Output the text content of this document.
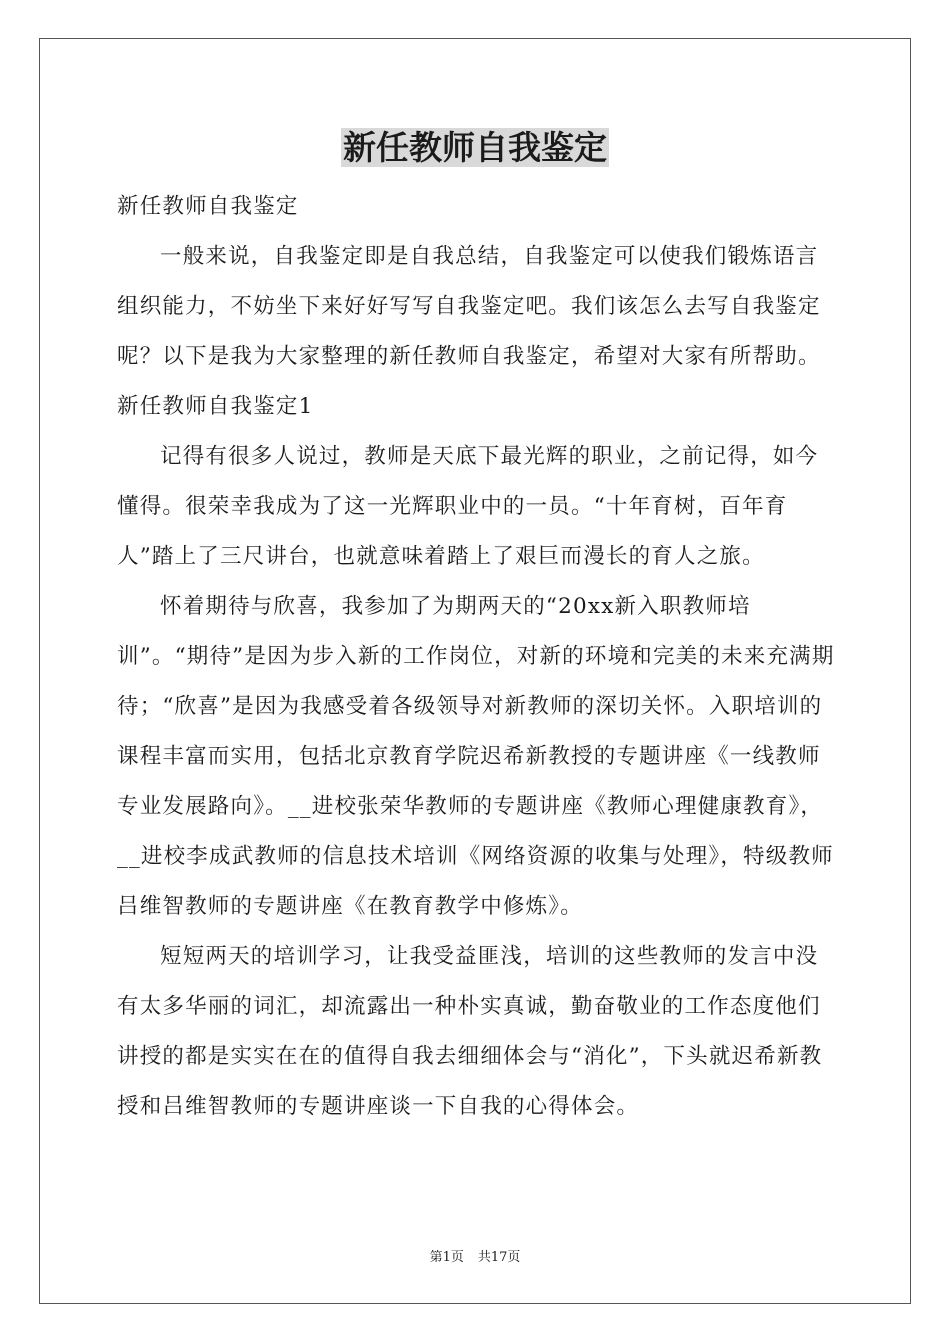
新任教师自我鉴定

新任教师自我鉴定

一般来说，自我鉴定即是自我总结，自我鉴定可以使我们锻炼语言组织能力，不妨坐下来好好写写自我鉴定吧。我们该怎么去写自我鉴定呢？以下是我为大家整理的新任教师自我鉴定，希望对大家有所帮助。

新任教师自我鉴定1

记得有很多人说过，教师是天底下最光辉的职业，之前记得，如今懂得。很荣幸我成为了这一光辉职业中的一员。“十年育树，百年育人”踏上了三尺讲台，也就意味着踏上了艰巨而漫长的育人之旅。

怀着期待与欣喜，我参加了为期两天的“20xx新入职教师培训”。“期待”是因为步入新的工作岗位，对新的环境和完美的未来充满期待；“欣喜”是因为我感受着各级领导对新教师的深切关怀。入职培训的课程丰富而实用，包括北京教育学院迟希新教授的专题讲座《一线教师专业发展路向》。__进校张荣华教师的专题讲座《教师心理健康教育》，__进校李成武教师的信息技术培训《网络资源的收集与处理》，特级教师吕维智教师的专题讲座《在教育教学中修炼》。

短短两天的培训学习，让我受益匪浅，培训的这些教师的发言中没有太多华丽的词汇，却流露出一种朴实真诚，勤奋敬业的工作态度他们讲授的都是实实在在的值得自我去细细体会与“消化”，下头就迟希新教授和吕维智教师的专题讲座谈一下自我的心得体会。

第1页 共17页
